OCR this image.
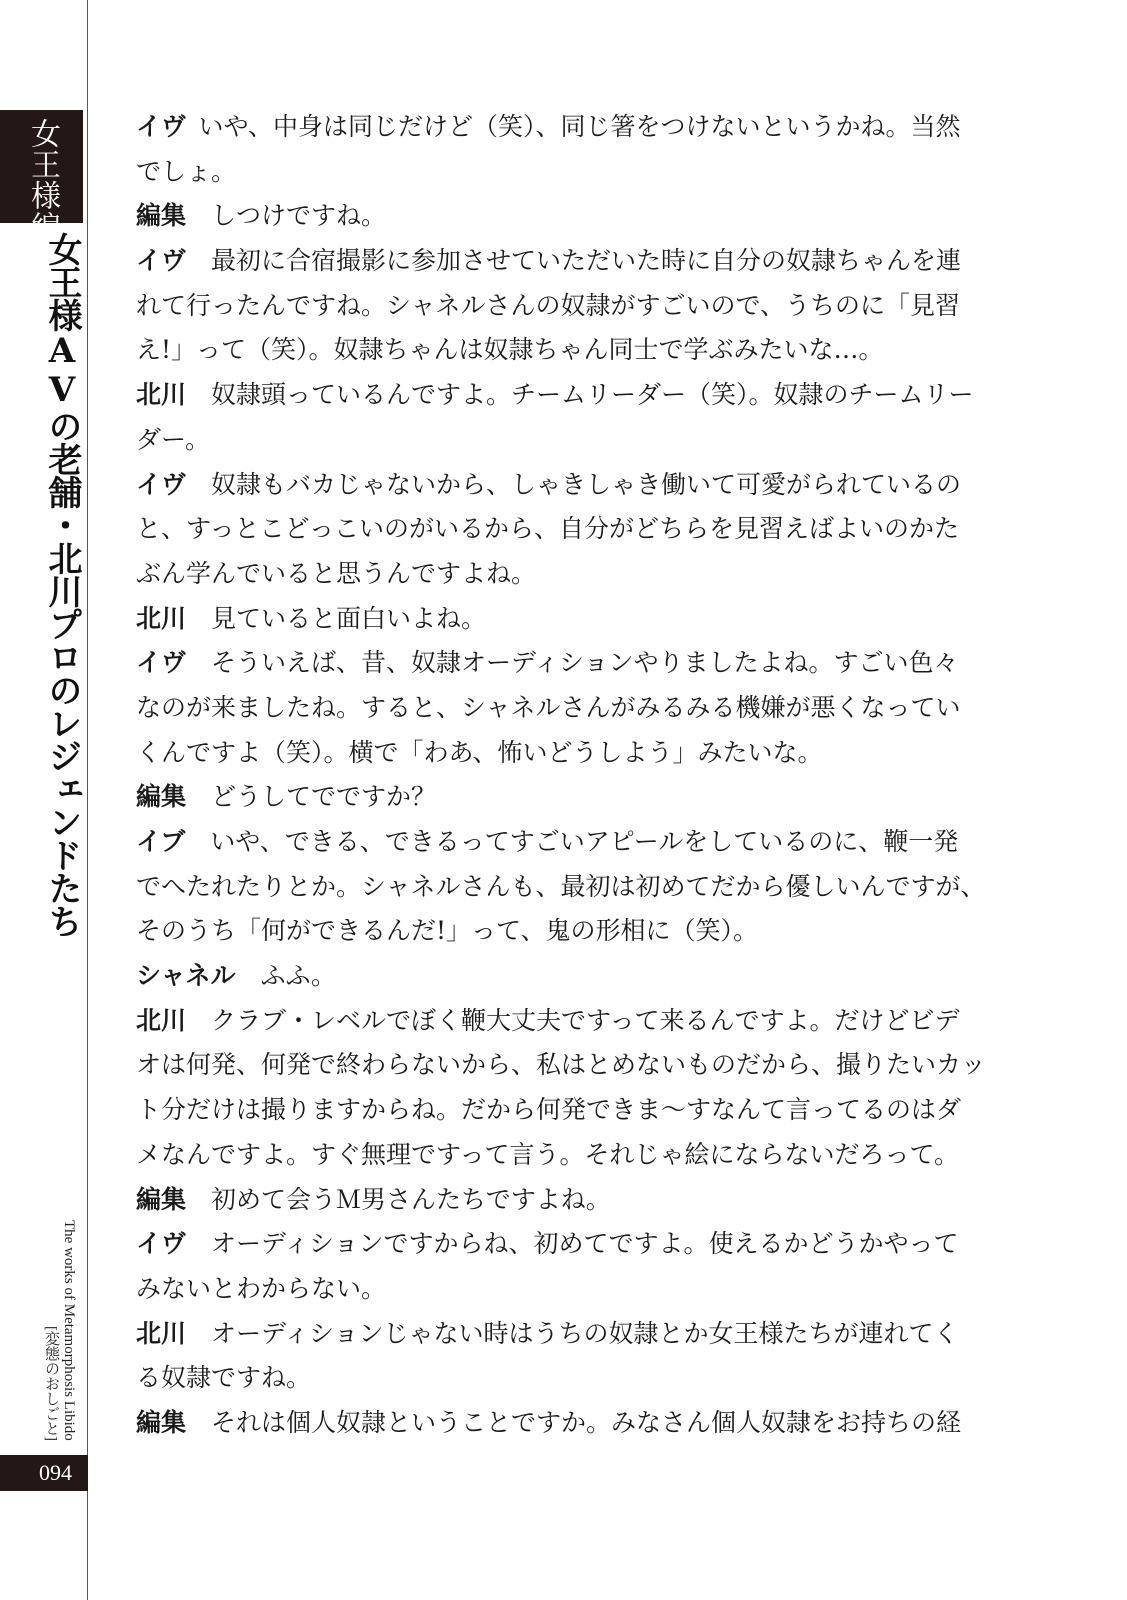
女王様編
女王様AVの老舗・北川プロのレジェンドたち
The works of Metamorphosis Libido
[変態のおしごと]
094
イヴ いや、中身は同じだけど（笑）、同じ箸をつけないというかね。当然
でしょ。
編集　しつけですね。
イヴ　最初に合宿撮影に参加させていただいた時に自分の奴隷ちゃんを連
れて行ったんですね。シャネルさんの奴隷がすごいので、うちのに「見習
え!」って（笑）。奴隷ちゃんは奴隷ちゃん同士で学ぶみたいな…。
北川　奴隷頭っているんですよ。チームリーダー（笑）。奴隷のチームリー
ダー。
イヴ　奴隷もバカじゃないから、しゃきしゃき働いて可愛がられているの
と、すっとこどっこいのがいるから、自分がどちらを見習えばよいのかた
ぶん学んでいると思うんですよね。
北川　見ていると面白いよね。
イヴ　そういえば、昔、奴隷オーディションやりましたよね。すごい色々
なのが来ましたね。すると、シャネルさんがみるみる機嫌が悪くなってい
くんですよ（笑）。横で「わあ、怖いどうしよう」みたいな。
編集　どうしてでですか？
イブ　いや、できる、できるってすごいアピールをしているのに、鞭一発
でへたれたりとか。シャネルさんも、最初は初めてだから優しいんですが、
そのうち「何ができるんだ!」って、鬼の形相に（笑）。
シャネル　ふふ。
北川　クラブ・レベルでぼく鞭大丈夫ですって来るんですよ。だけどビデ
オは何発、何発で終わらないから、私はとめないものだから、撮りたいカッ
ト分だけは撮りますからね。だから何発できま～すなんて言ってるのはダ
メなんですよ。すぐ無理ですって言う。それじゃ絵にならないだろって。
編集　初めて会うＭ男さんたちですよね。
イヴ　オーディションですからね、初めてですよ。使えるかどうかやって
みないとわからない。
北川　オーディションじゃない時はうちの奴隷とか女王様たちが連れてく
る奴隷ですね。
編集　それは個人奴隷ということですか。みなさん個人奴隷をお持ちの経
